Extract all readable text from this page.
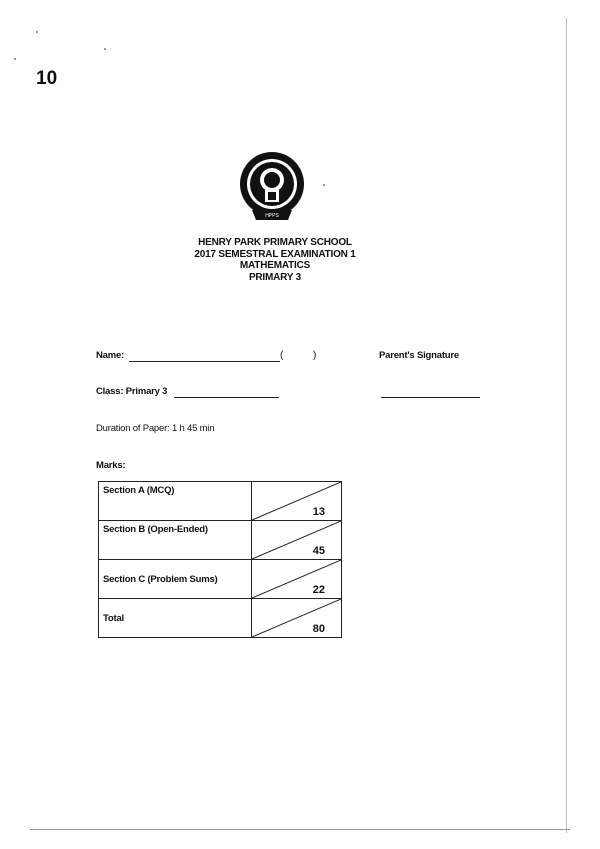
10
HPPS
HENRY PARK PRIMARY SCHOOL
2017 SEMESTRAL EXAMINATION 1
MATHEMATICS
PRIMARY 3
Name:	(	)	Parent's Signature
Class: Primary 3
Duration of Paper: 1 h 45 min
Marks:
Section A (MCQ)	13

Section B (Open-Ended)	45

Section C (Problem Sums)	22

Total	80
